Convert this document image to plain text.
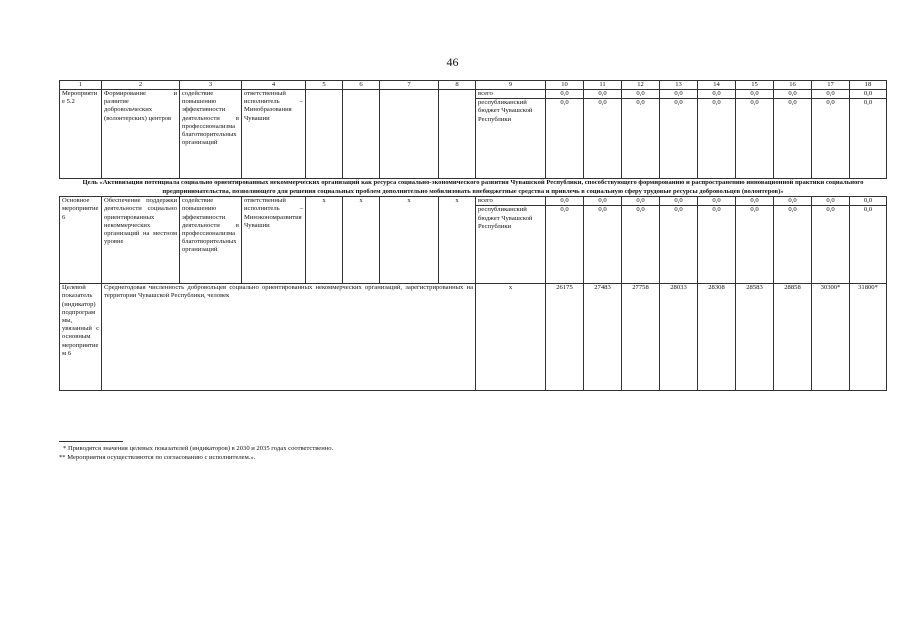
46
1	2	3	4	5	6	7	8	9	10	11	12	13	14	15	16	17	18
Мероприятие 5.2	Формирование и развитие добровольческих (волонтерских) центров	содействие повышению эффективности деятельности в профессионализма благотворительных организаций	ответственный исполнитель – Минобразования Чувашии					всего	0,0	0,0	0,0	0,0	0,0	0,0	0,0	0,0	0,0
								республиканский бюджет Чувашской Республики	0,0	0,0	0,0	0,0	0,0	0,0	0,0	0,0	0,0
Цель «Активизация потенциала социально ориентированных некоммерческих организаций как ресурса социально-экономического развития Чувашской Республики, способствующего формированию и распространению инновационной практики социального предпринимательства, позволяющего для решения социальных проблем дополнительно мобилизовать внебюджетные средства и привлечь в социальную сферу трудовые ресурсы добровольцев (волонтеров)»																	
Основное мероприятие 6	Обеспечение поддержки деятельности социально ориентированных некоммерческих организаций на местном уровне	содействие повышению эффективности деятельности в профессионализма благотворительных организаций	ответственный исполнитель – Минэкономразвития Чувашии	x	x	x	x	всего	0,0	0,0	0,0	0,0	0,0	0,0	0,0	0,0	0,0
								республиканский бюджет Чувашской Республики	0,0	0,0	0,0	0,0	0,0	0,0	0,0	0,0	0,0
Целевой показатель (индикатор) подпрограммы, увязанный с основным мероприятием 6	Среднегодовая численность добровольцев социально ориентированных некоммерческих организаций, зарегистрированных на территории Чувашской Республики, человек							x	26175	27483	27758	28033	28308	28583	28858	30300*	31800*
* Приводятся значения целевых показателей (индикаторов) в 2030 и 2035 годах соответственно.
** Мероприятия осуществляются по согласованию с исполнителем.».
